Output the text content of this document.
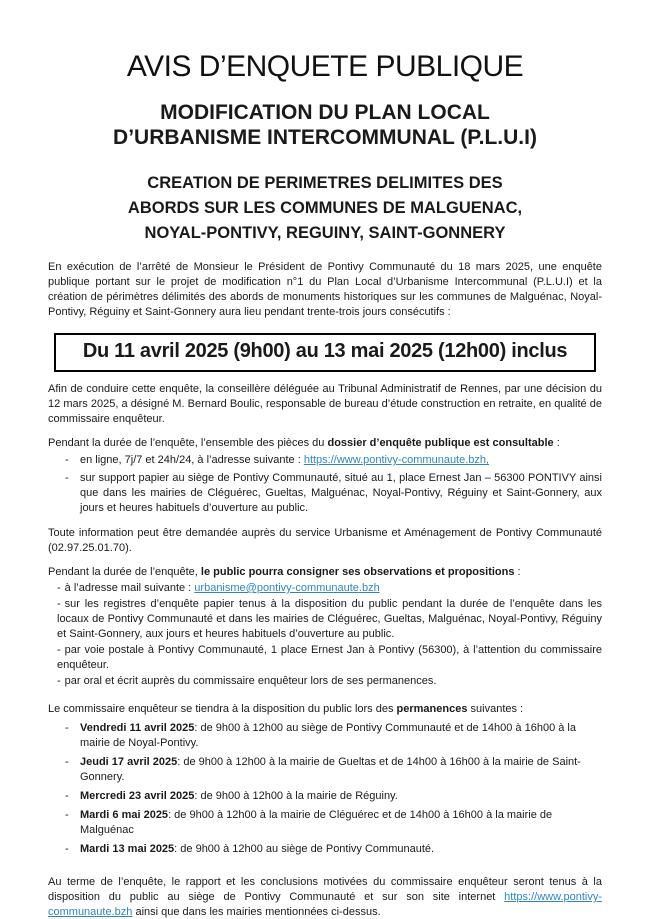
AVIS D’ENQUETE PUBLIQUE
MODIFICATION DU PLAN LOCAL
D’URBANISME INTERCOMMUNAL (P.L.U.I)
CREATION DE PERIMETRES DELIMITES DES
ABORDS SUR LES COMMUNES DE MALGUENAC,
NOYAL-PONTIVY, REGUINY, SAINT-GONNERY

En exécution de l’arrêté de Monsieur le Président de Pontivy Communauté du 18 mars 2025, une enquête publique portant sur le projet de modification n°1 du Plan Local d’Urbanisme Intercommunal (P.L.U.I) et la création de périmètres délimités des abords de monuments historiques sur les communes de Malguénac, Noyal-Pontivy, Réguiny et Saint-Gonnery aura lieu pendant trente-trois jours consécutifs :

Du 11 avril 2025 (9h00) au 13 mai 2025 (12h00) inclus

Afin de conduire cette enquête, la conseillère déléguée au Tribunal Administratif de Rennes, par une décision du 12 mars 2025, a désigné M. Bernard Boulic, responsable de bureau d’étude construction en retraite, en qualité de commissaire enquêteur.

Pendant la durée de l’enquête, l’ensemble des pièces du dossier d’enquête publique est consultable :

-	en ligne, 7j/7 et 24h/24, à l’adresse suivante : https://www.pontivy-communaute.bzh,
-	sur support papier au siège de Pontivy Communauté, situé au 1, place Ernest Jan – 56300 PONTIVY ainsi que dans les mairies de Cléguérec, Gueltas, Malguénac, Noyal-Pontivy, Réguiny et Saint-Gonnery, aux jours et heures habituels d’ouverture au public.

Toute information peut être demandée auprès du service Urbanisme et Aménagement de Pontivy Communauté (02.97.25.01.70).

Pendant la durée de l’enquête, le public pourra consigner ses observations et propositions :

- à l’adresse mail suivante : urbanisme@pontivy-communaute.bzh
- sur les registres d’enquête papier tenus à la disposition du public pendant la durée de l’enquête dans les locaux de Pontivy Communauté et dans les mairies de Cléguérec, Gueltas, Malguénac, Noyal-Pontivy, Réguiny et Saint-Gonnery, aux jours et heures habituels d’ouverture au public.
- par voie postale à Pontivy Communauté, 1 place Ernest Jan à Pontivy (56300), à l’attention du commissaire enquêteur.
- par oral et écrit auprès du commissaire enquêteur lors de ses permanences.

Le commissaire enquêteur se tiendra à la disposition du public lors des permanences suivantes :

-	Vendredi 11 avril 2025: de 9h00 à 12h00 au siège de Pontivy Communauté et de 14h00 à 16h00 à la mairie de Noyal-Pontivy.
-	Jeudi 17 avril 2025: de 9h00 à 12h00 à la mairie de Gueltas et de 14h00 à 16h00 à la mairie de Saint-Gonnery.
-	Mercredi 23 avril 2025: de 9h00 à 12h00 à la mairie de Réguiny.
-	Mardi 6 mai 2025: de 9h00 à 12h00 à la mairie de Cléguérec et de 14h00 à 16h00 à la mairie de Malguénac
-	Mardi 13 mai 2025: de 9h00 à 12h00 au siège de Pontivy Communauté.

Au terme de l’enquête, le rapport et les conclusions motivées du commissaire enquêteur seront tenus à la disposition du public au siège de Pontivy Communauté et sur son site internet https://www.pontivy-communaute.bzh ainsi que dans les mairies mentionnées ci-dessus.
